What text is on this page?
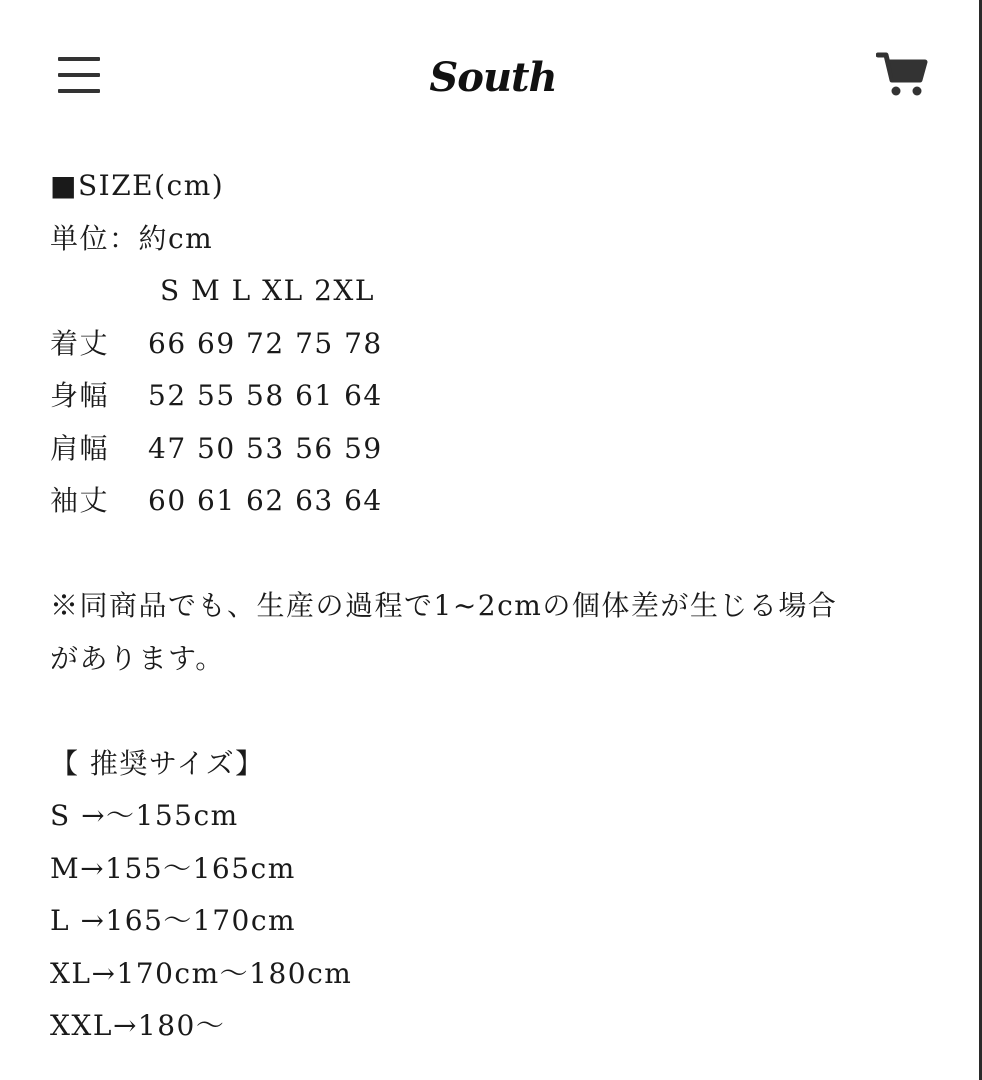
South
■SIZE(cm)
単位：約cm
S M L XL 2XL
着丈	66 69 72 75 78
身幅	52 55 58 61 64
肩幅	47 50 53 56 59
袖丈	60 61 62 63 64
※同商品でも、生産の過程で1~2cmの個体差が生じる場合
があります。
【 推奨サイズ】
S →〜155cm
M→155〜165cm
L →165〜170cm
XL→170cm〜180cm
XXL→180〜
